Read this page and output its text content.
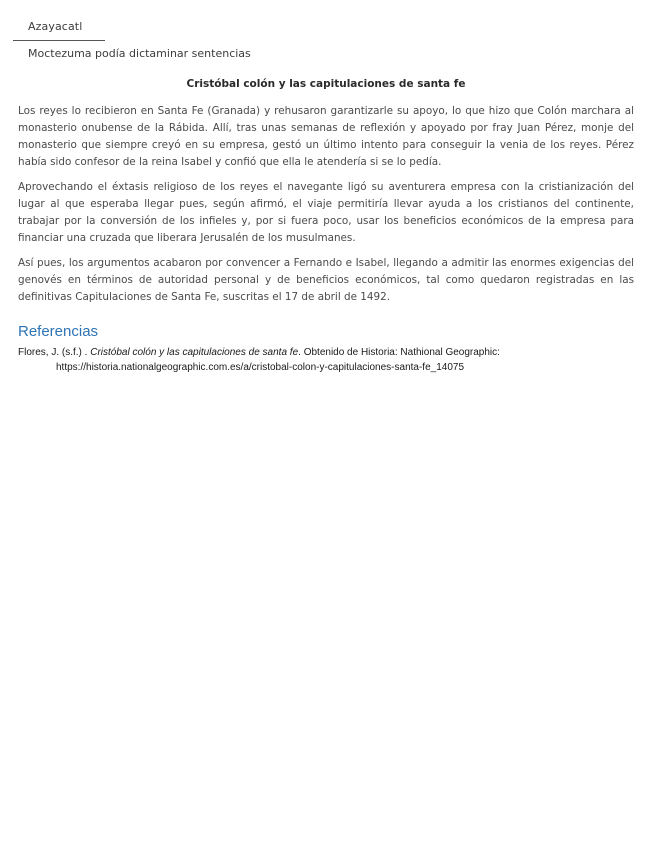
Azayacatl
Moctezuma podía dictaminar sentencias
Cristóbal colón y las capitulaciones de santa fe

Los reyes lo recibieron en Santa Fe (Granada) y rehusaron garantizarle su apoyo, lo que hizo que Colón marchara al monasterio onubense de la Rábida. Allí, tras unas semanas de reflexión y apoyado por fray Juan Pérez, monje del monasterio que siempre creyó en su empresa, gestó un último intento para conseguir la venia de los reyes. Pérez había sido confesor de la reina Isabel y confió que ella le atendería si se lo pedía.

Aprovechando el éxtasis religioso de los reyes el navegante ligó su aventurera empresa con la cristianización del lugar al que esperaba llegar pues, según afirmó, el viaje permitiría llevar ayuda a los cristianos del continente, trabajar por la conversión de los infieles y, por si fuera poco, usar los beneficios económicos de la empresa para financiar una cruzada que liberara Jerusalén de los musulmanes.

Así pues, los argumentos acabaron por convencer a Fernando e Isabel, llegando a admitir las enormes exigencias del genovés en términos de autoridad personal y de beneficios económicos, tal como quedaron registradas en las definitivas Capitulaciones de Santa Fe, suscritas el 17 de abril de 1492.

Referencias
Flores, J. (s.f.) . Cristóbal colón y las capitulaciones de santa fe. Obtenido de Historia: Nathional Geographic: https://historia.nationalgeographic.com.es/a/cristobal-colon-y-capitulaciones-santa-fe_14075
